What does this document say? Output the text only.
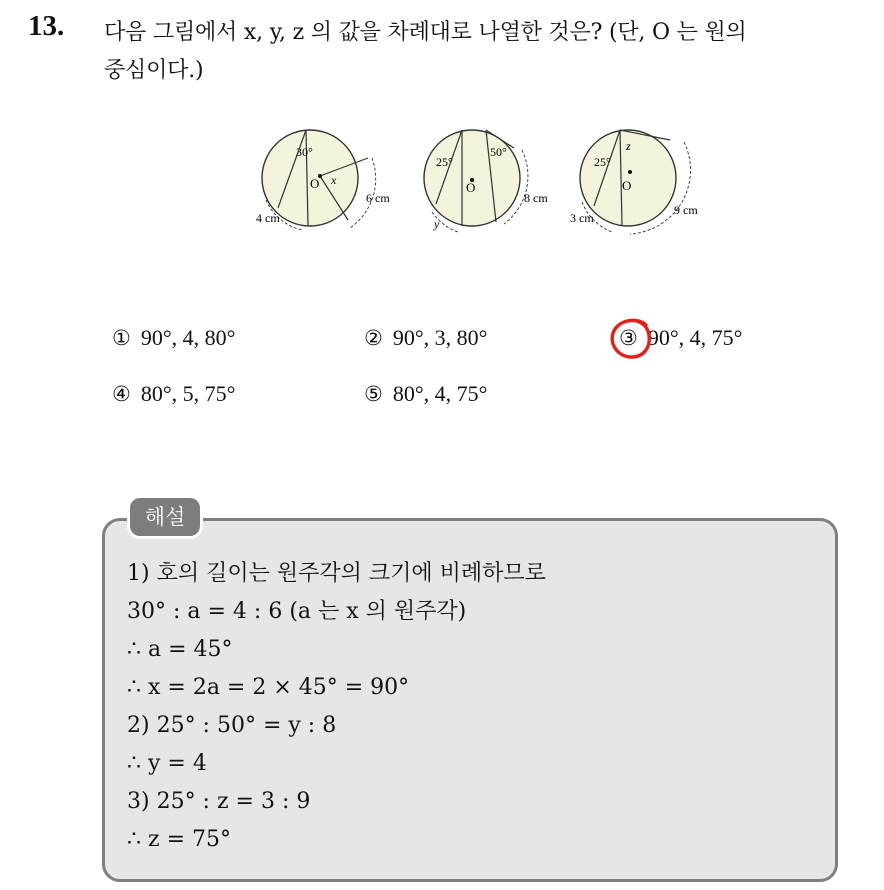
13. 다음 그림에서 x, y, z 의 값을 차례대로 나열한 것은? (단, O 는 원의
중심이다.)
30°
O x
4 cm
6 cm
25°
50°
O
y
8 cm
25°
z
O
3 cm
9 cm
① 90°, 4, 80°	② 90°, 3, 80°	③ 90°, 4, 75°
④ 80°, 5, 75°	⑤ 80°, 4, 75°
해설
1) 호의 길이는 원주각의 크기에 비례하므로
30° : a = 4 : 6 (a 는 x 의 원주각)
∴ a = 45°
∴ x = 2a = 2 × 45° = 90°
2) 25° : 50° = y : 8
∴ y = 4
3) 25° : z = 3 : 9
∴ z = 75°
